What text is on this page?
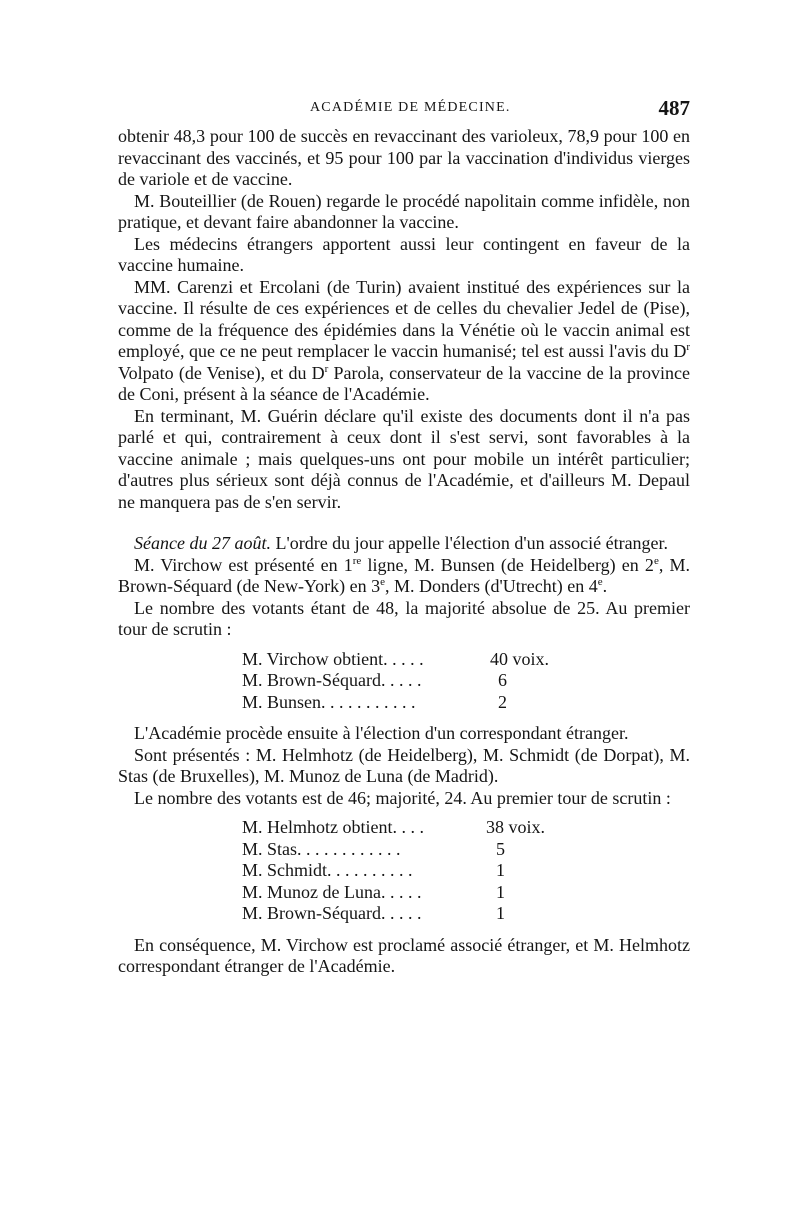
ACADÉMIE DE MÉDECINE.	487

obtenir 48,3 pour 100 de succès en revaccinant des varioleux, 78,9 pour 100 en revaccinant des vaccinés, et 95 pour 100 par la vaccination d'individus vierges de variole et de vaccine.

M. Bouteillier (de Rouen) regarde le procédé napolitain comme infidèle, non pratique, et devant faire abandonner la vaccine.

Les médecins étrangers apportent aussi leur contingent en faveur de la vaccine humaine.

MM. Carenzi et Ercolani (de Turin) avaient institué des expériences sur la vaccine. Il résulte de ces expériences et de celles du chevalier Jedel de (Pise), comme de la fréquence des épidémies dans la Vénétie où le vaccin animal est employé, que ce ne peut remplacer le vaccin humanisé; tel est aussi l'avis du $D^r$ Volpato (de Venise), et du $D^r$ Parola, conservateur de la vaccine de la province de Coni, présent à la séance de l'Académie.

En terminant, M. Guérin déclare qu'il existe des documents dont il n'a pas parlé et qui, contrairement à ceux dont il s'est servi, sont favorables à la vaccine animale ; mais quelques-uns ont pour mobile un intérêt particulier; d'autres plus sérieux sont déjà connus de l'Académie, et d'ailleurs M. Depaul ne manquera pas de s'en servir.

Séance du 27 août. L'ordre du jour appelle l'élection d'un associé étranger.

M. Virchow est présenté en 1re ligne, M. Bunsen (de Heidelberg) en 2e, M. Brown-Séquard (de New-York) en 3e, M. Donders (d'Utrecht) en 4e.

Le nombre des votants étant de 48, la majorité absolue de 25. Au premier tour de scrutin :

M. Virchow obtient. . . . .	40 voix.
M. Brown-Séquard. . . . .	6
M. Bunsen. . . . . . . . . . .	2

L'Académie procède ensuite à l'élection d'un correspondant étranger.

Sont présentés : M. Helmhotz (de Heidelberg), M. Schmidt (de Dorpat), M. Stas (de Bruxelles), M. Munoz de Luna (de Madrid).

Le nombre des votants est de 46; majorité, 24. Au premier tour de scrutin :

M. Helmhotz obtient. . . .	38 voix.
M. Stas. . . . . . . . . . . .	5
M. Schmidt. . . . . . . . . .	1
M. Munoz de Luna. . . . .	1
M. Brown-Séquard. . . . .	1

En conséquence, M. Virchow est proclamé associé étranger, et M. Helmhotz correspondant étranger de l'Académie.
